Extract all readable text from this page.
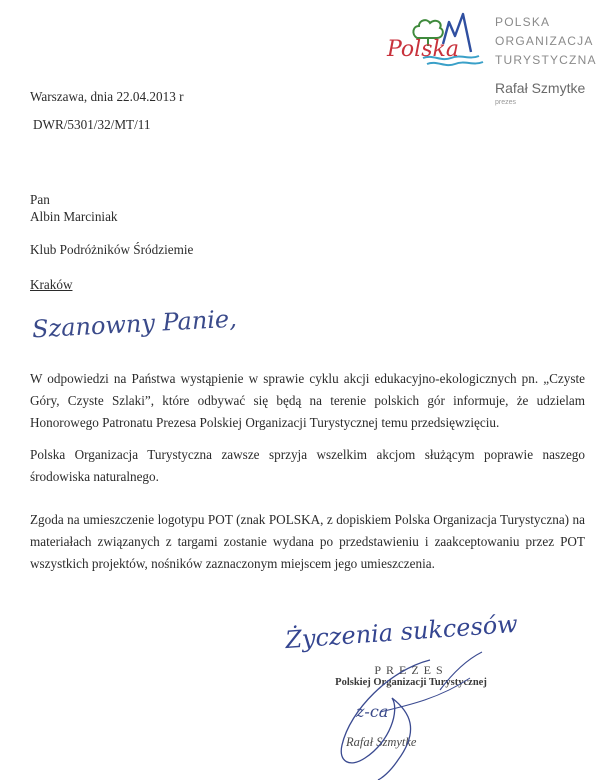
Polska
POLSKA
ORGANIZACJA
TURYSTYCZNA
Rafał Szmytke
prezes
Warszawa, dnia 22.04.2013 r
DWR/5301/32/MT/11
Pan
Albin Marciniak
Klub Podróżników Śródziemie
Kraków
Szanowny Panie,
W odpowiedzi na Państwa wystąpienie w sprawie cyklu akcji edukacyjno-ekologicznych pn. „Czyste Góry, Czyste Szlaki”, które odbywać się będą na terenie polskich gór informuje, że udzielam Honorowego Patronatu Prezesa Polskiej Organizacji Turystycznej temu przedsięwzięciu.
Polska Organizacja Turystyczna zawsze sprzyja wszelkim akcjom służącym poprawie naszego środowiska naturalnego.
Zgoda na umieszczenie logotypu POT (znak POLSKA, z dopiskiem Polska Organizacja Turystyczna) na materiałach związanych z targami zostanie wydana po przedstawieniu i zaakceptowaniu przez POT wszystkich projektów, nośników zaznaczonym miejscem jego umieszczenia.
Życzenia sukcesów
PREZES
Polskiej Organizacji Turystycznej
z-ca
Rafał Szmytke
